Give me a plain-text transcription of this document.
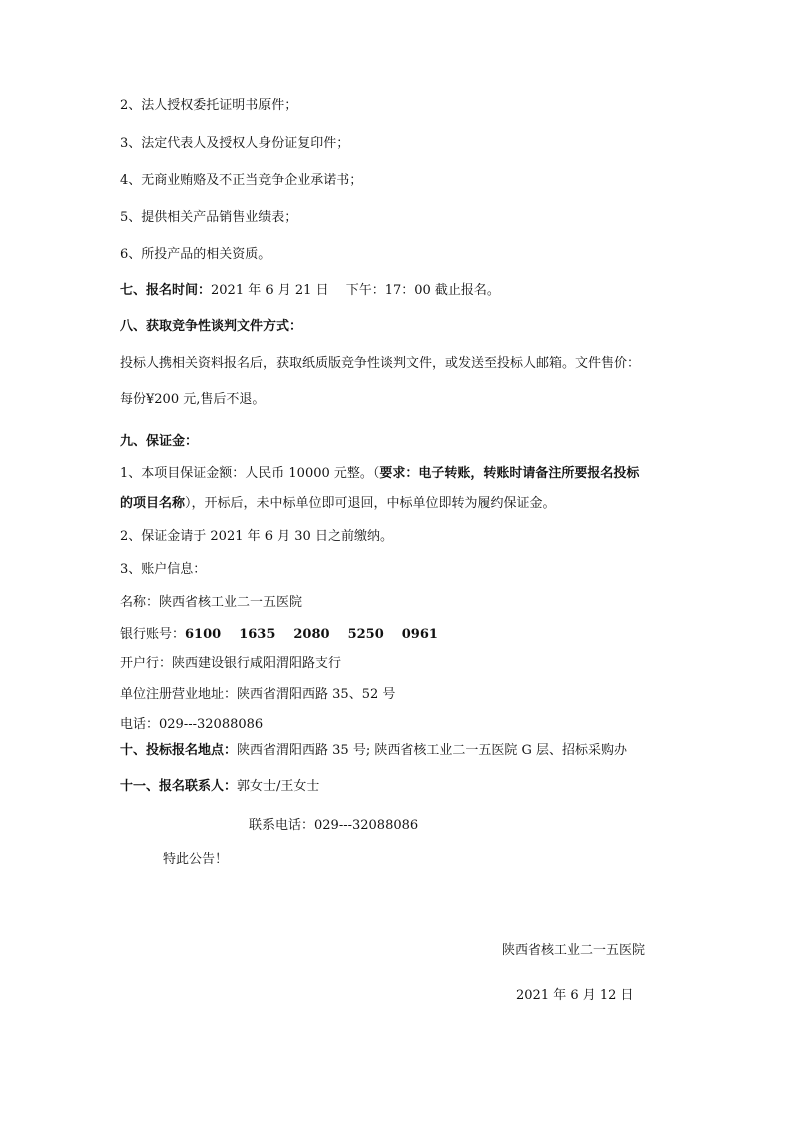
2、法人授权委托证明书原件；
3、法定代表人及授权人身份证复印件；
4、无商业贿赂及不正当竞争企业承诺书；
5、提供相关产品销售业绩表；
6、所投产品的相关资质。
七、报名时间：2021 年 6 月 21 日　 下午：17：00 截止报名。
八、获取竞争性谈判文件方式：
投标人携相关资料报名后，获取纸质版竞争性谈判文件，或发送至投标人邮箱。文件售价：
每份¥200 元,售后不退。
九、保证金：
1、本项目保证金额：人民币 10000 元整。（要求：电子转账，转账时请备注所要报名投标
的项目名称），开标后，未中标单位即可退回，中标单位即转为履约保证金。
2、保证金请于 2021 年 6 月 30 日之前缴纳。
3、账户信息：
名称：陕西省核工业二一五医院
银行账号：6100 1635 2080 5250 0961
开户行：陕西建设银行咸阳渭阳路支行
单位注册营业地址：陕西省渭阳西路 35、52 号
电话：029---32088086
十、投标报名地点：陕西省渭阳西路 35 号; 陕西省核工业二一五医院 G 层、招标采购办
十一、报名联系人：郭女士/王女士
联系电话：029---32088086
特此公告！
陕西省核工业二一五医院
2021 年 6 月 12 日
